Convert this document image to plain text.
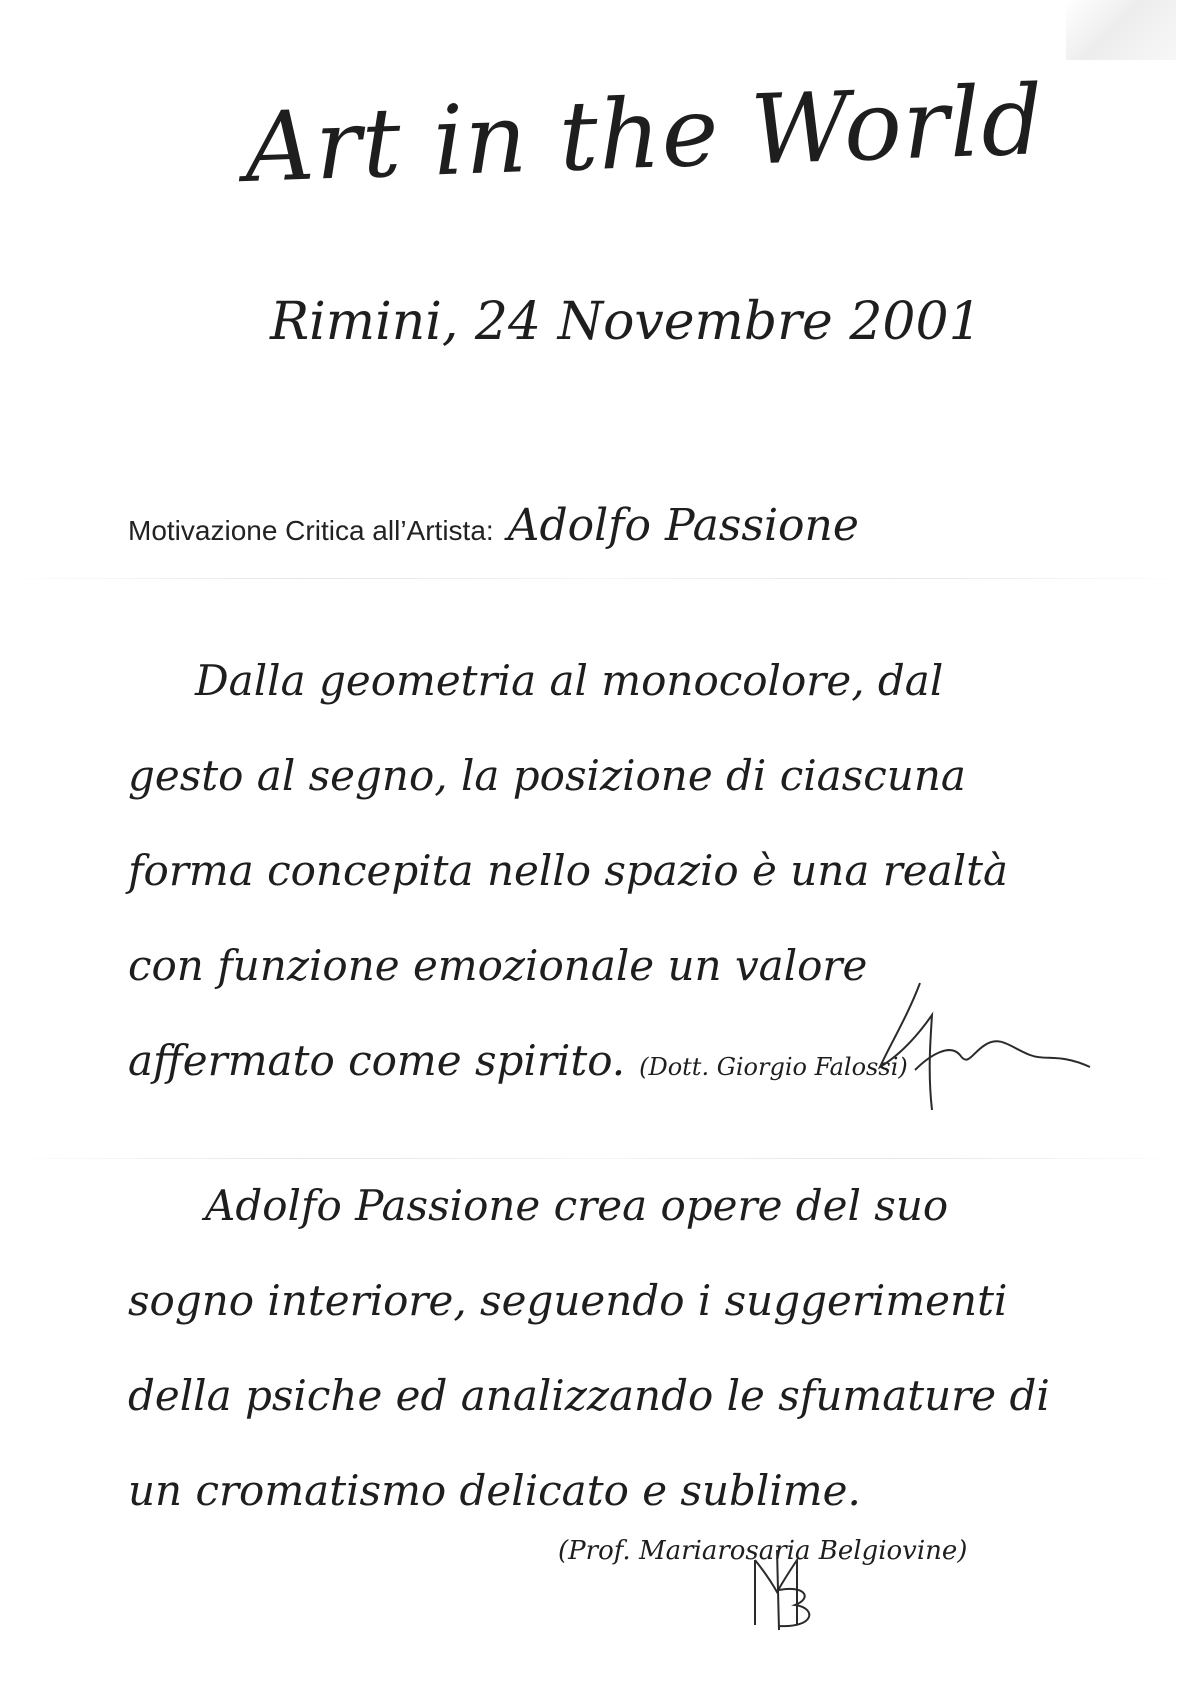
Art in the World
Rimini, 24 Novembre 2001
Motivazione Critica all’Artista: Adolfo Passione
Dalla geometria al monocolore, dal
gesto al segno, la posizione di ciascuna
forma concepita nello spazio è una realtà
con funzione emozionale un valore
affermato come spirito. (Dott. Giorgio Falossi)
Adolfo Passione crea opere del suo
sogno interiore, seguendo i suggerimenti
della psiche ed analizzando le sfumature di
un cromatismo delicato e sublime.
(Prof. Mariarosaria Belgiovine)
